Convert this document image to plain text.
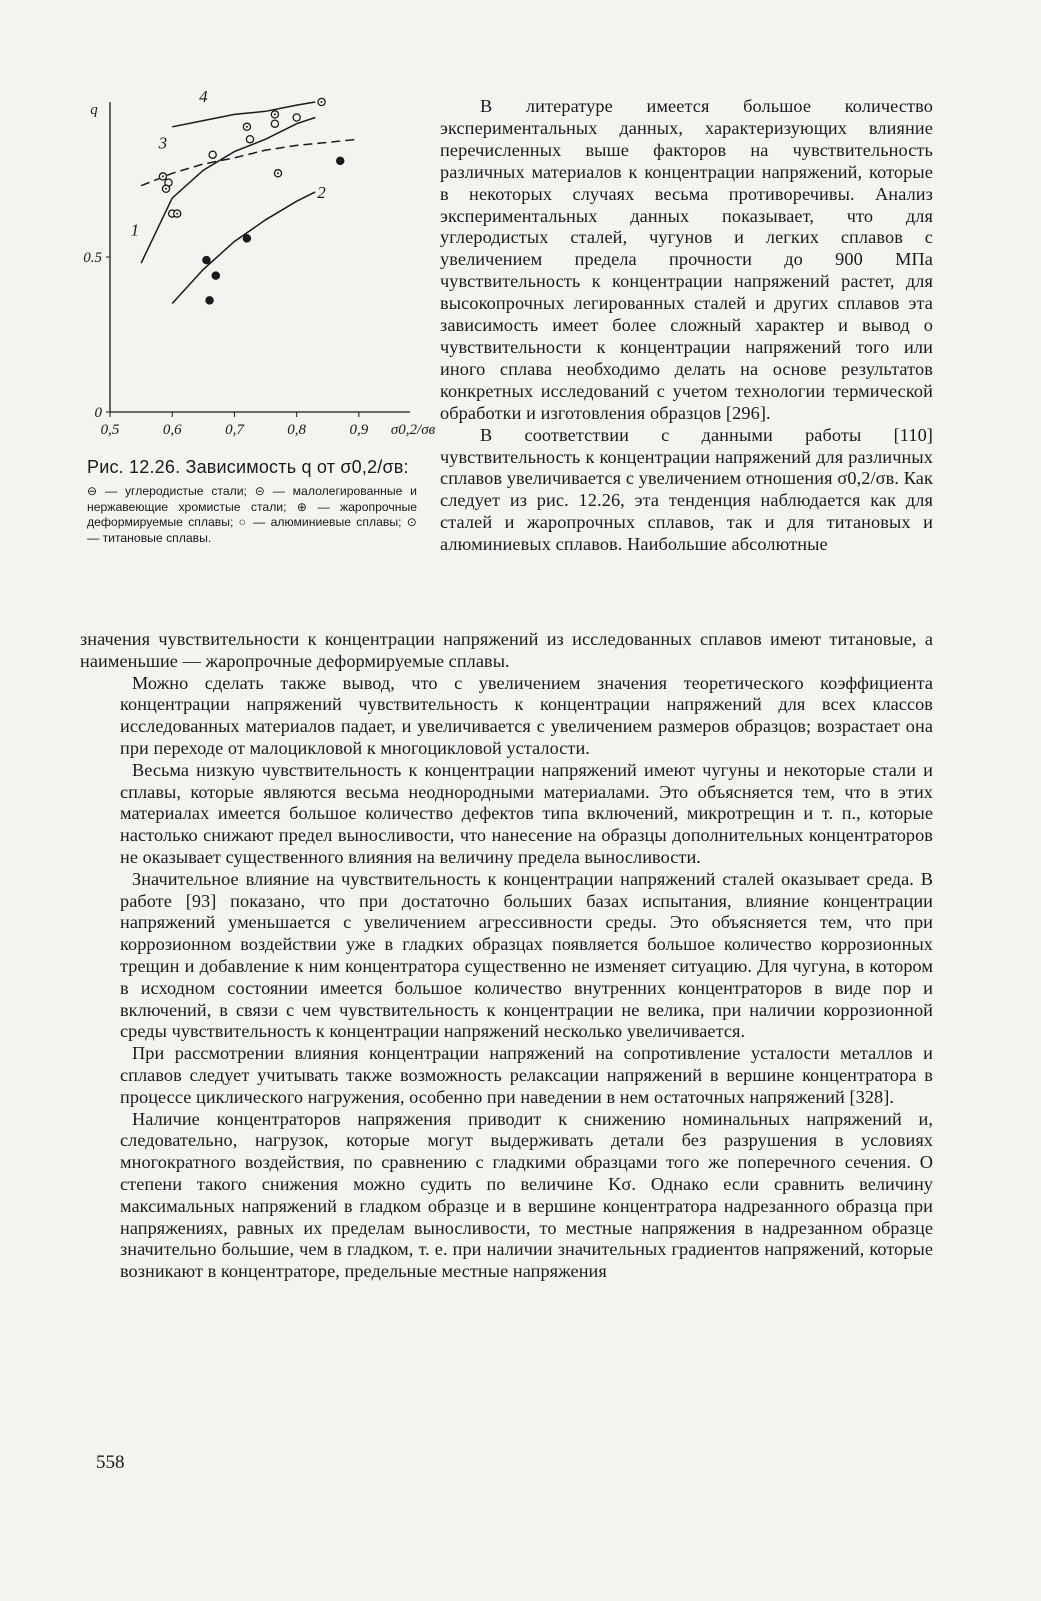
q
0.5
0
0,5	0,6	0,7	0,8	0,9 σ0,2/σв
1
2
3
4
Рис. 12.26. Зависимость q от σ0,2/σв:
⊖ — углеродистые стали; ⊝ — малолегированные и нержавеющие хромистые стали; ⊕ — жаропрочные деформируемые сплавы; ○ — алюминиевые сплавы; ⊙ — титановые сплавы.

В литературе имеется большое количество экспериментальных данных, характеризующих влияние перечисленных выше факторов на чувствительность различных материалов к концентрации напряжений, которые в некоторых случаях весьма противоречивы. Анализ экспериментальных данных показывает, что для углеродистых сталей, чугунов и легких сплавов с увеличением предела прочности до 900 МПа чувствительность к концентрации напряжений растет, для высокопрочных легированных сталей и других сплавов эта зависимость имеет более сложный характер и вывод о чувствительности к концентрации напряжений того или иного сплава необходимо делать на основе результатов конкретных исследований с учетом технологии термической обработки и изготовления образцов [296].

В соответствии с данными работы [110] чувствительность к концентрации напряжений для различных сплавов увеличивается с увеличением отношения σ0,2/σв. Как следует из рис. 12.26, эта тенденция наблюдается как для сталей и жаропрочных сплавов, так и для титановых и алюминиевых сплавов. Наибольшие абсолютные

значения чувствительности к концентрации напряжений из исследованных сплавов имеют титановые, а наименьшие — жаропрочные деформируемые сплавы.

Можно сделать также вывод, что с увеличением значения теоретического коэффициента концентрации напряжений чувствительность к концентрации напряжений для всех классов исследованных материалов падает, и увеличивается с увеличением размеров образцов; возрастает она при переходе от малоцикловой к многоцикловой усталости.

Весьма низкую чувствительность к концентрации напряжений имеют чугуны и некоторые стали и сплавы, которые являются весьма неоднородными материалами. Это объясняется тем, что в этих материалах имеется большое количество дефектов типа включений, микротрещин и т. п., которые настолько снижают предел выносливости, что нанесение на образцы дополнительных концентраторов не оказывает существенного влияния на величину предела выносливости.

Значительное влияние на чувствительность к концентрации напряжений сталей оказывает среда. В работе [93] показано, что при достаточно больших базах испытания, влияние концентрации напряжений уменьшается с увеличением агрессивности среды. Это объясняется тем, что при коррозионном воздействии уже в гладких образцах появляется большое количество коррозионных трещин и добавление к ним концентратора существенно не изменяет ситуацию. Для чугуна, в котором в исходном состоянии имеется большое количество внутренних концентраторов в виде пор и включений, в связи с чем чувствительность к концентрации не велика, при наличии коррозионной среды чувствительность к концентрации напряжений несколько увеличивается.

При рассмотрении влияния концентрации напряжений на сопротивление усталости металлов и сплавов следует учитывать также возможность релаксации напряжений в вершине концентратора в процессе циклического нагружения, особенно при наведении в нем остаточных напряжений [328].

Наличие концентраторов напряжения приводит к снижению номинальных напряжений и, следовательно, нагрузок, которые могут выдерживать детали без разрушения в условиях многократного воздействия, по сравнению с гладкими образцами того же поперечного сечения. О степени такого снижения можно судить по величине Kσ. Однако если сравнить величину максимальных напряжений в гладком образце и в вершине концентратора надрезанного образца при напряжениях, равных их пределам выносливости, то местные напряжения в надрезанном образце значительно большие, чем в гладком, т. е. при наличии значительных градиентов напряжений, которые возникают в концентраторе, предельные местные напряжения

558
